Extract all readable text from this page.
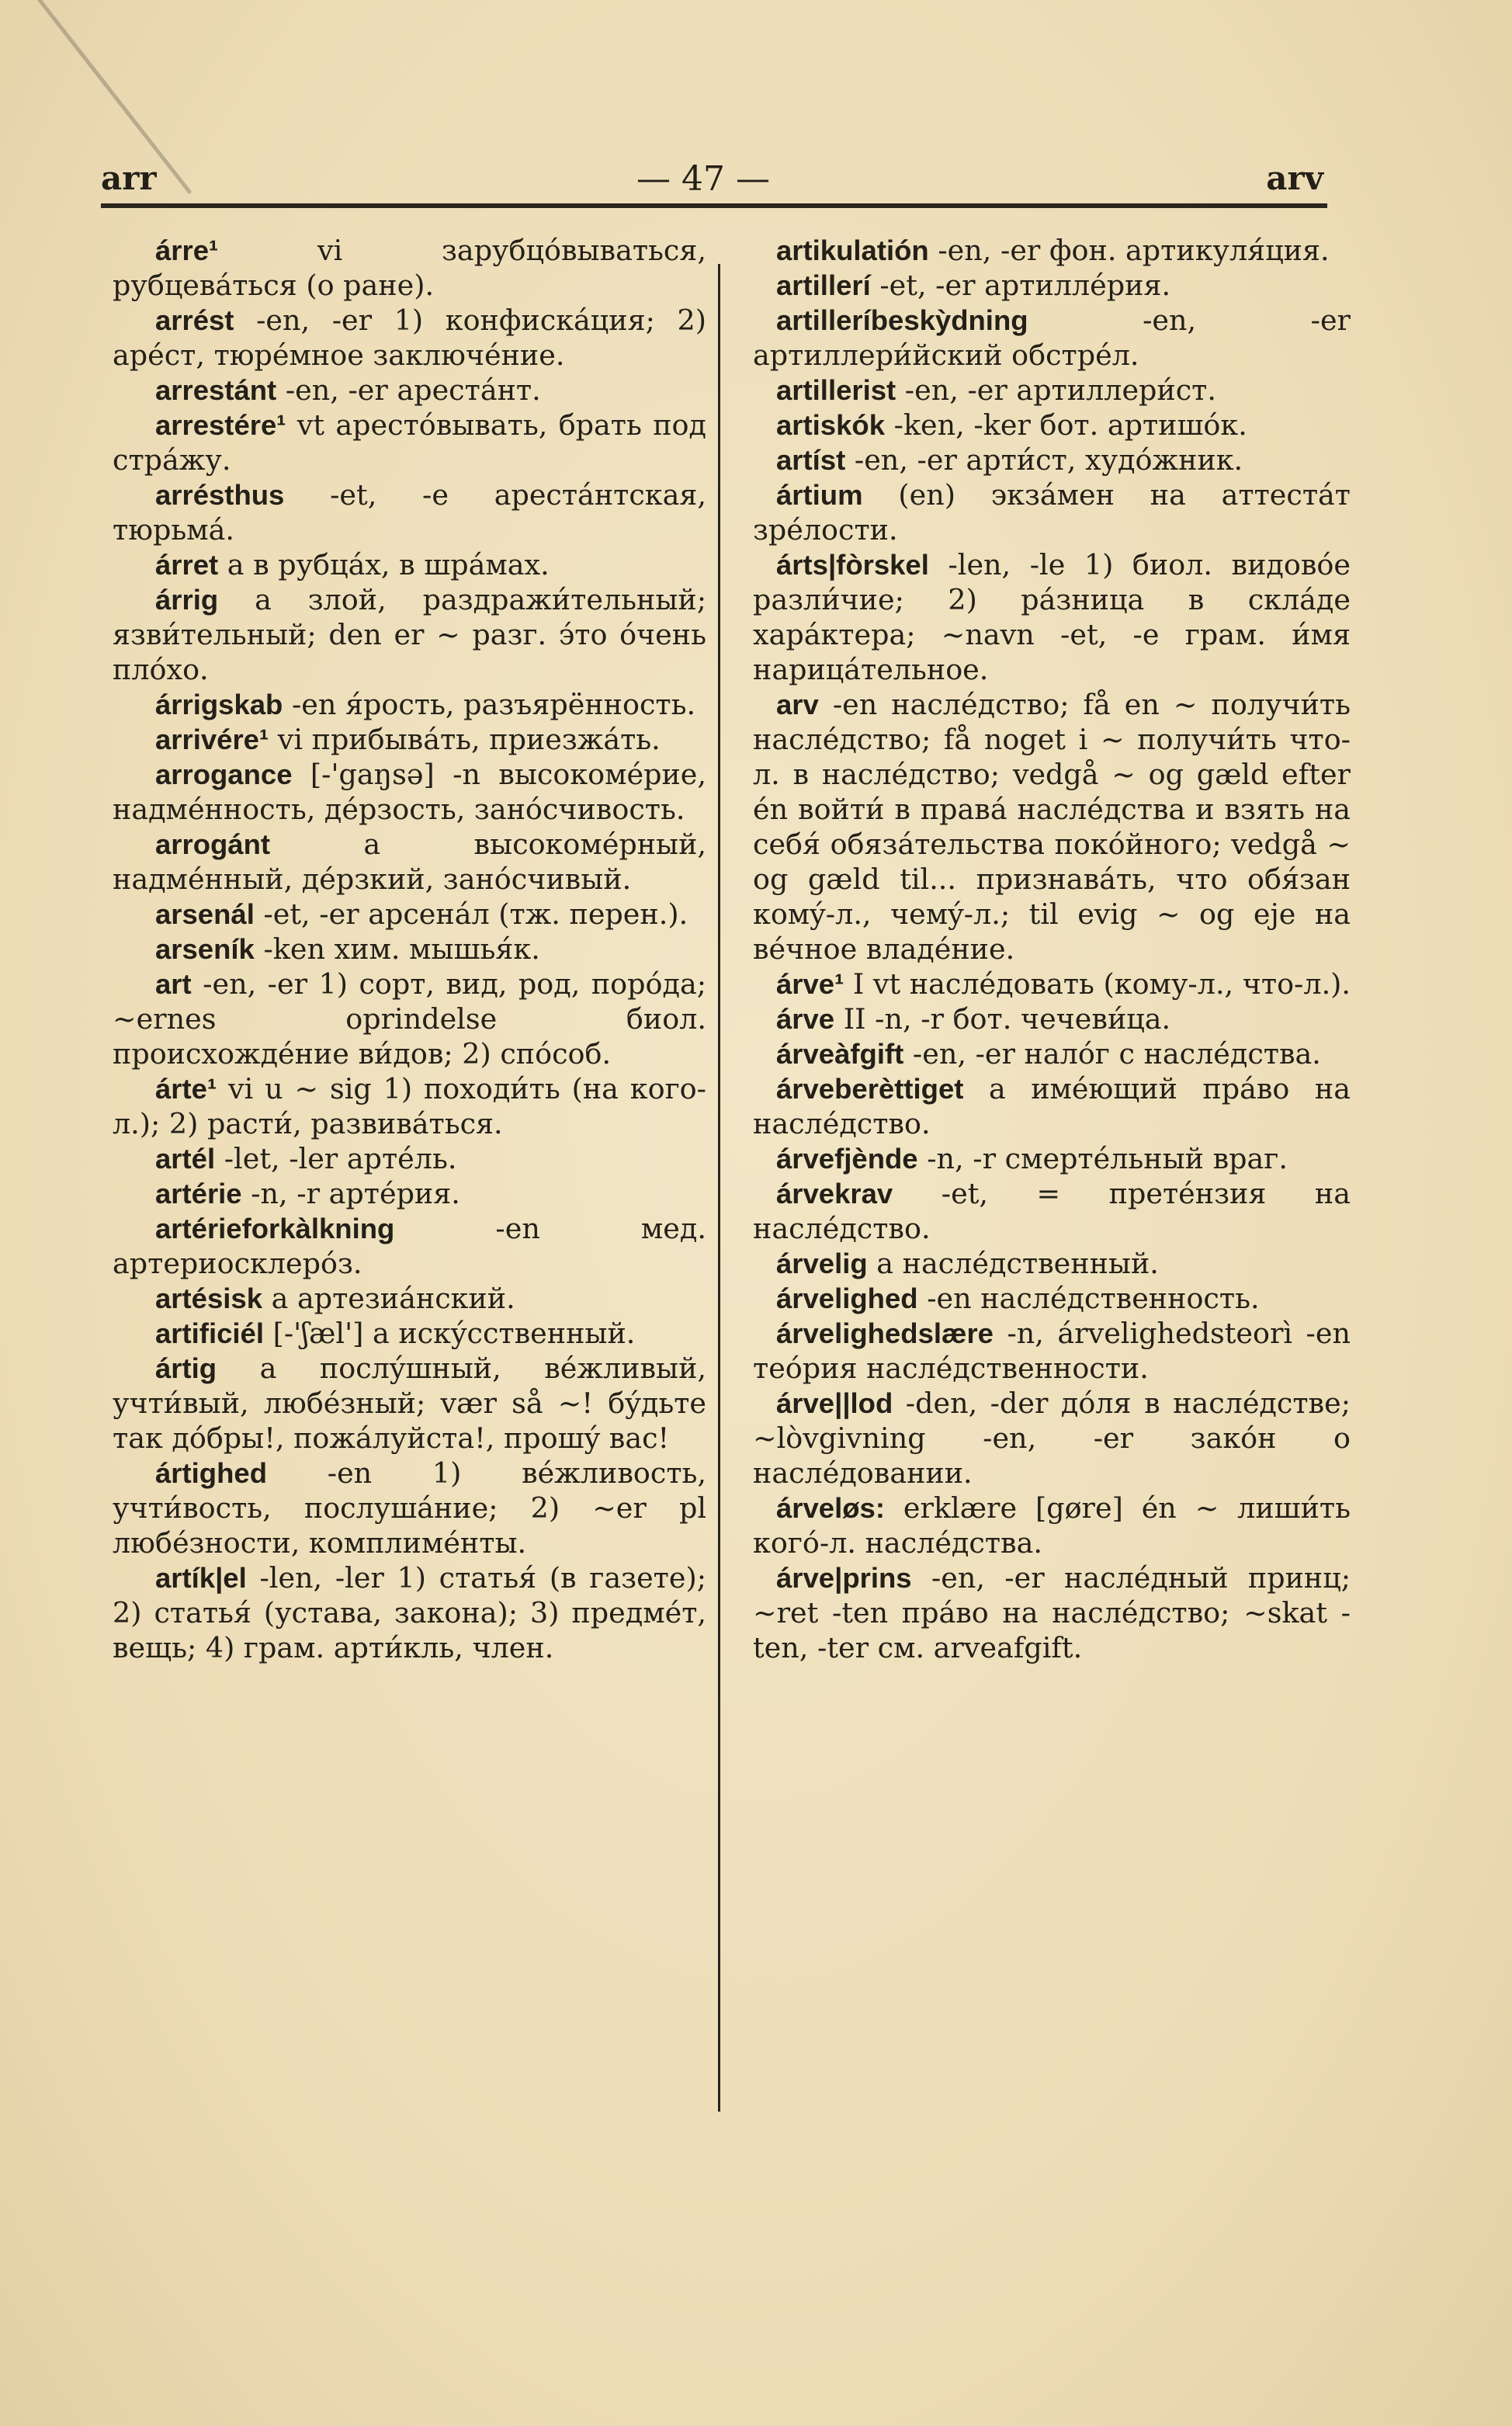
arr	— 47 —	arv

árre¹	vi зарубцóвываться, рубцевáться (о ране).

arrést -en, -er 1) конфискáция; 2) арéст, тюрéмное заключéние.

arrestánt -en, -er арестáнт.

arrestére¹ vt арестóвывать, брать под стрáжу.

arrésthus -et, -e арестáнтская, тюрьмá.

árret a в рубцáх, в шрáмах.

árrig a злой, раздражи́тельный; язви́тельный; den er ~ разг. э́то óчень плóхо.

árrigskab -en я́рость, разъярённость.

arrivére¹ vi прибывáть, приезжáть.

arrogance [-'gaŋsə] -n высокомéрие, надмéнность, дéрзость, занóсчивость.

arrogánt	a высокомéрный, надмéнный, дéрзкий, занóсчивый.

arsenál -et, -er арсенáл (тж. перен.).

arseník -ken хим. мышья́к.

art -en, -er 1) сорт, вид, род, порóда; ~ernes oprindelse биол. происхождéние ви́дов; 2) спóсоб.

árte¹ vi u ~ sig 1) походи́ть (на кого-л.); 2) расти́, развивáться.

artél -let, -ler артéль.

artérie -n, -r артéрия.

artérieforkàlkning	-en мед. артериосклерóз.

artésisk a артезиáнский.

artificiél [-'ʃæl'] a искýсственный.

ártig a послýшный, вéжливый, учти́вый, любéзный; vær så ~! бýдьте так дóбры!, пожáлуйста!, прошý вас!

ártighed -en 1) вéжливость, учти́вость, послушáние; 2) ~er pl любéзности, комплимéнты.

artík|el -len, -ler 1) статья́ (в газете); 2) статья́ (устава, закона); 3) предмéт, вещь; 4) грам. арти́кль, член.

artikulatión -en, -er фон. артикуля́ция.

artillerí -et, -er артиллéрия.

artilleríbeskỳdning	-en, -er артиллери́йский обстрéл.

artillerist -en, -er артиллери́ст.

artiskók -ken, -ker бот. артишóк.

artíst -en, -er арти́ст, худóжник.

ártium (en) экзáмен на аттестáт зрéлости.

árts|fòrskel -len, -le 1) биол. видовóе разли́чие; 2) рáзница в склáде харáктера; ~navn -et, -e грам. и́мя нарицáтельное.

arv -en наслéдство; få en ~ получи́ть наслéдство; få noget i ~ получи́ть что-л. в наслéдство; vedgå ~ og gæld efter én войти́ в правá наслéдства и взять на себя́ обязáтельства покóйного; vedgå ~ og gæld til... признавáть, что обя́зан комý-л., чемý-л.; til evig ~ og eje на вéчное владéние.

árve¹ I vt наслéдовать (кому-л., что-л.).

árve II -n, -r бот. чечеви́ца.

árveàfgift -en, -er налóг с наслéдства.

árveberèttiget a имéющий прáво на наслéдство.

árvefjènde -n, -r смертéльный враг.

árvekrav -et, = претéнзия на наслéдство.

árvelig a наслéдственный.

árvelighed -en наслéдственность.

árvelighedslære -n, árvelighedsteorì -en теóрия наслéдственности.

árve||lod -den, -der дóля в наслéдстве; ~lòvgivning -en, -er закóн о наслéдовании.

árveløs: erklære [gøre] én ~ лиши́ть когó-л. наслéдства.

árve|prins -en, -er наслéдный принц; ~ret -ten прáво на наслéдство; ~skat -ten, -ter см. arveafgift.
